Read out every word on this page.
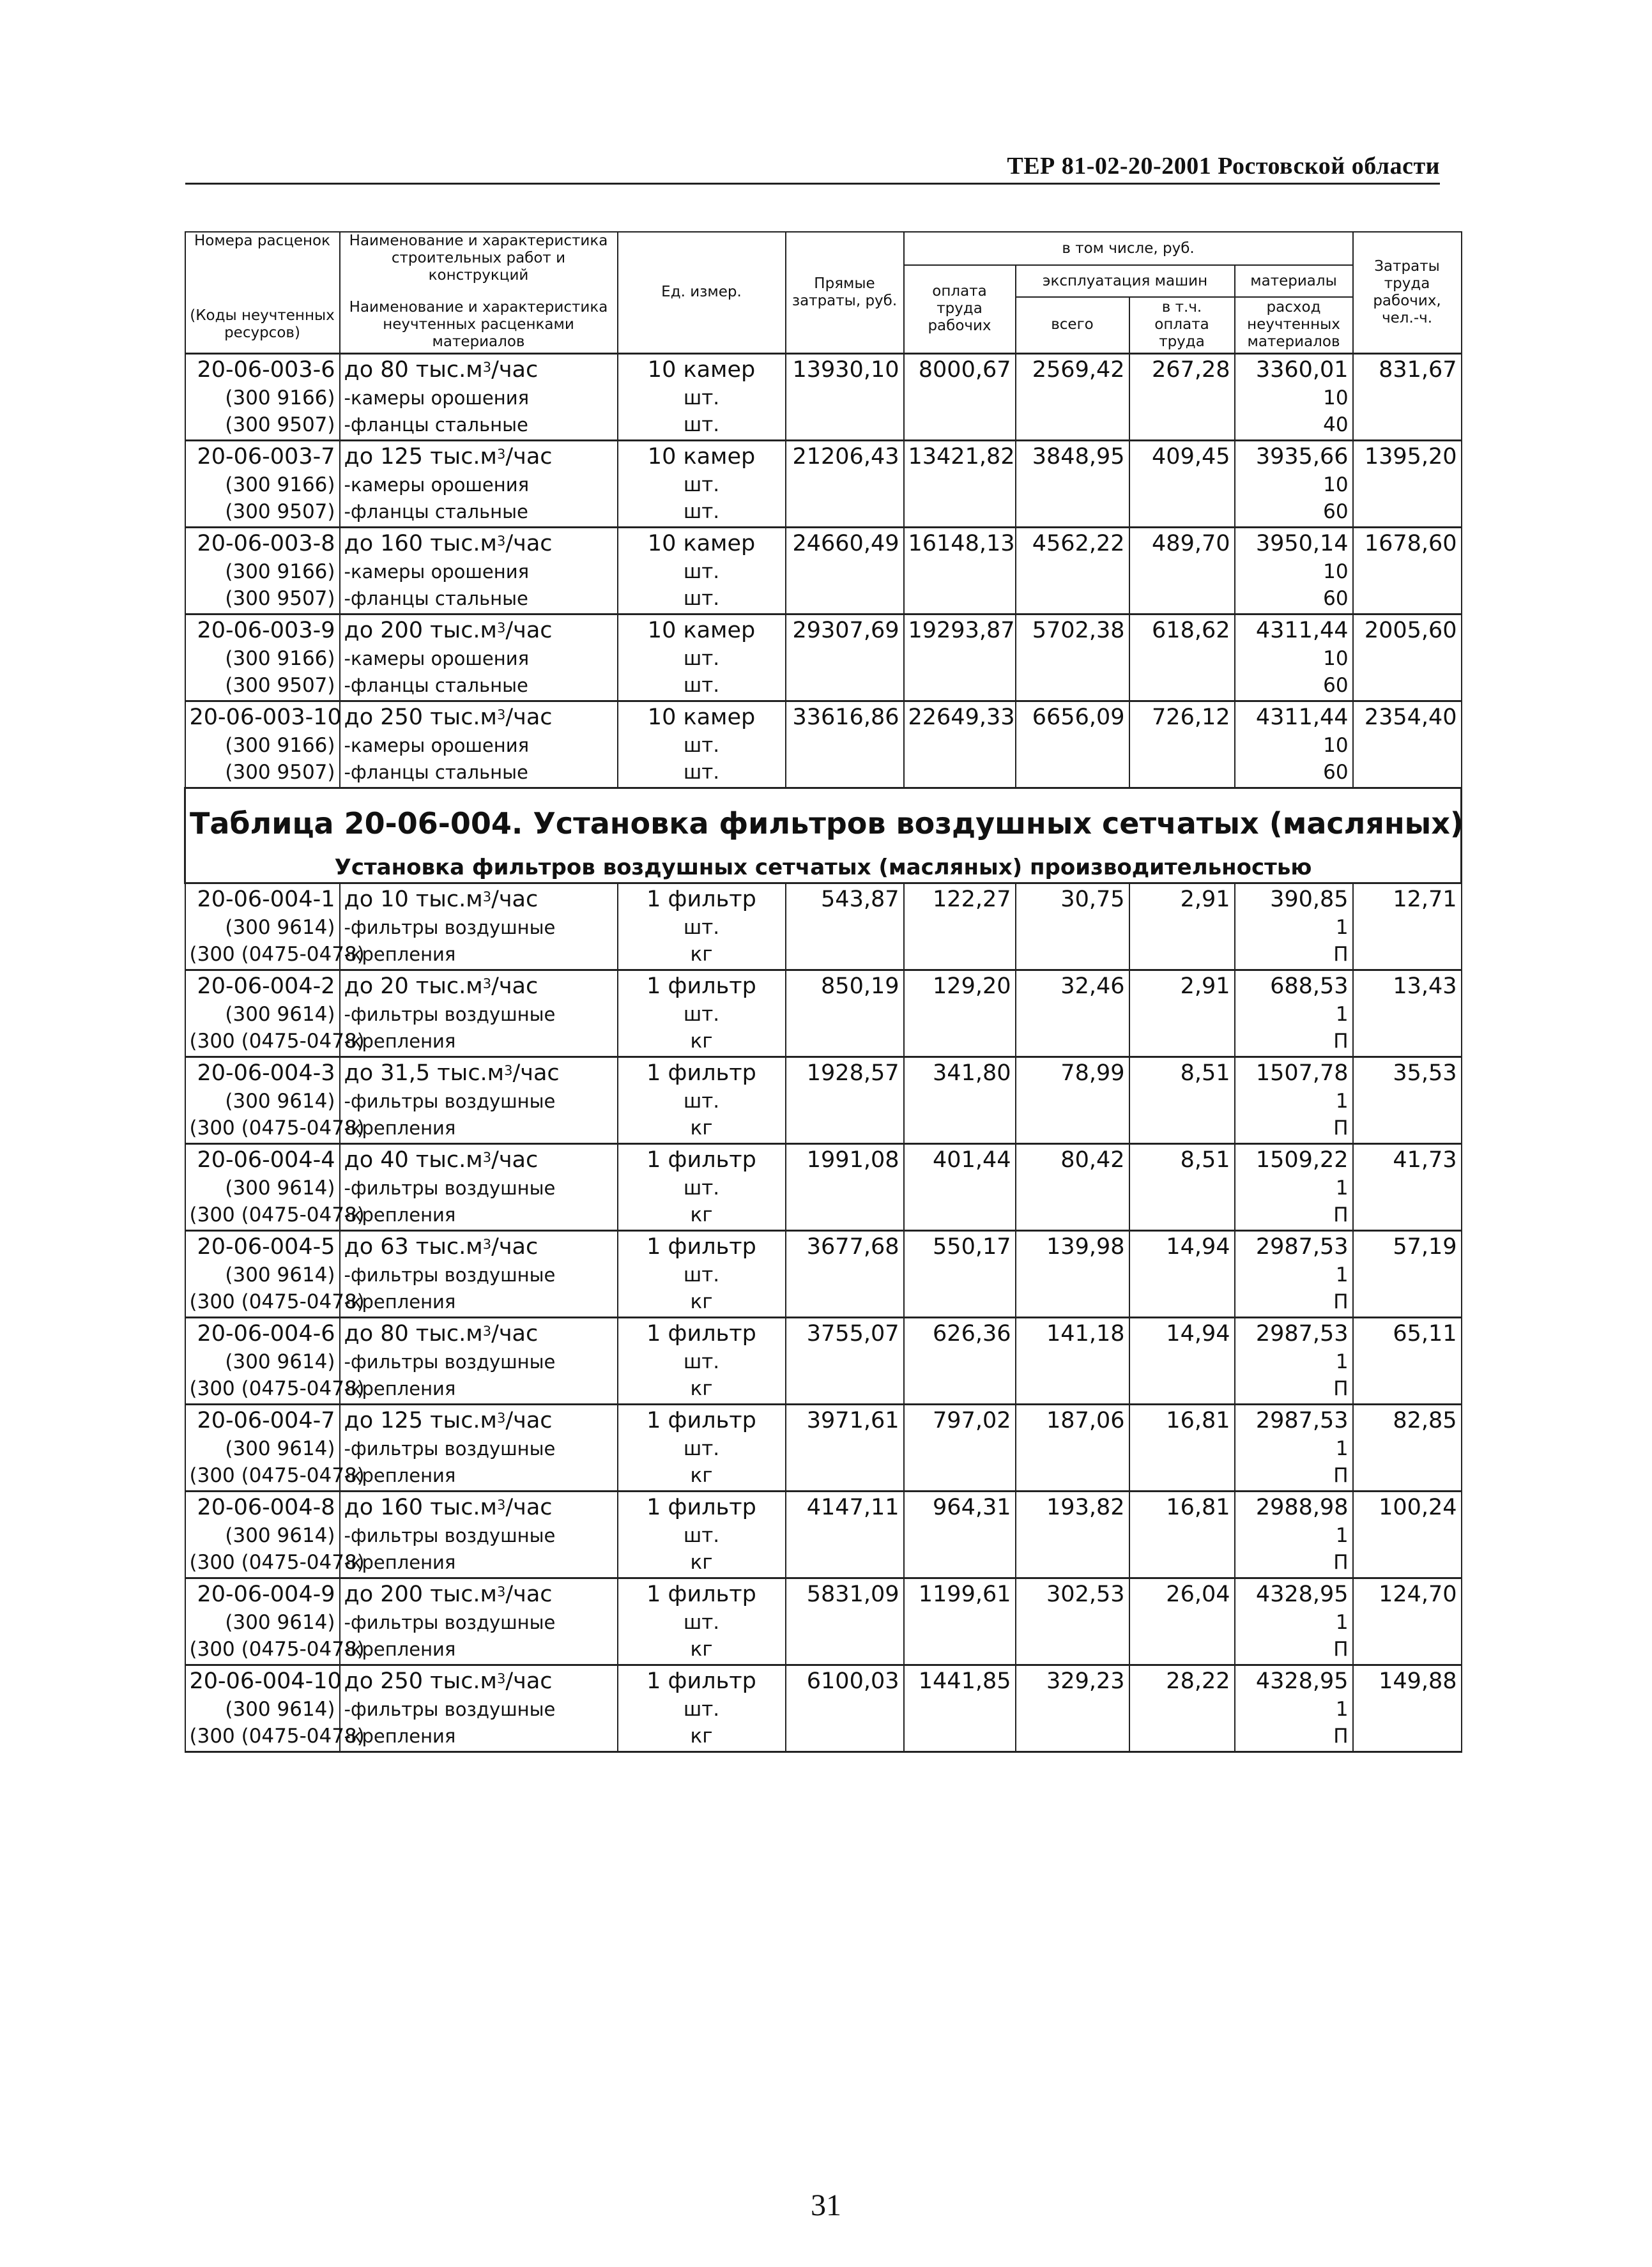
ТЕР 81-02-20-2001 Ростовской области
Номера расценок	Наименование и характеристика строительных работ и конструкций	Ед. измер.	Прямые затраты, руб.	в том числе, руб.				Затраты труда рабочих, чел.-ч.
				оплата труда рабочих	эксплуатация машин		материалы	
(Коды неучтенных ресурсов)	Наименование и характеристика неучтенных расценками материалов				всего	в т.ч. оплата труда	расход неучтенных материалов	

20-06-003-6	до 80 $тыс.м^3$/час	10 камер	13930,10	8000,67	2569,42	267,28	3360,01	831,67
(300 9166)	-камеры орошения	шт.					10	
(300 9507)	-фланцы стальные	шт.					40	
20-06-003-7	до 125 $тыс.м^3$/час	10 камер	21206,43	13421,82	3848,95	409,45	3935,66	1395,20
(300 9166)	-камеры орошения	шт.					10	
(300 9507)	-фланцы стальные	шт.					60	
20-06-003-8	до 160 $тыс.м^3$/час	10 камер	24660,49	16148,13	4562,22	489,70	3950,14	1678,60
(300 9166)	-камеры орошения	шт.					10	
(300 9507)	-фланцы стальные	шт.					60	
20-06-003-9	до 200 $тыс.м^3$/час	10 камер	29307,69	19293,87	5702,38	618,62	4311,44	2005,60
(300 9166)	-камеры орошения	шт.					10	
(300 9507)	-фланцы стальные	шт.					60	
20-06-003-10	до 250 $тыс.м^3$/час	10 камер	33616,86	22649,33	6656,09	726,12	4311,44	2354,40
(300 9166)	-камеры орошения	шт.					10	
(300 9507)	-фланцы стальные	шт.					60	
Таблица 20-06-004. Установка фильтров воздушных сетчатых (масляных)								
Установка фильтров воздушных сетчатых (масляных) производительностью								
20-06-004-1	до 10 $тыс.м^3$/час	1 фильтр	543,87	122,27	30,75	2,91	390,85	12,71
(300 9614)	-фильтры воздушные	шт.					1	
(300 (0475-0478)	-крепления	кг					П	
20-06-004-2	до 20 $тыс.м^3$/час	1 фильтр	850,19	129,20	32,46	2,91	688,53	13,43
(300 9614)	-фильтры воздушные	шт.					1	
(300 (0475-0478)	-крепления	кг					П	
20-06-004-3	до 31,5 $тыс.м^3$/час	1 фильтр	1928,57	341,80	78,99	8,51	1507,78	35,53
(300 9614)	-фильтры воздушные	шт.					1	
(300 (0475-0478)	-крепления	кг					П	
20-06-004-4	до 40 $тыс.м^3$/час	1 фильтр	1991,08	401,44	80,42	8,51	1509,22	41,73
(300 9614)	-фильтры воздушные	шт.					1	
(300 (0475-0478)	-крепления	кг					П	
20-06-004-5	до 63 $тыс.м^3$/час	1 фильтр	3677,68	550,17	139,98	14,94	2987,53	57,19
(300 9614)	-фильтры воздушные	шт.					1	
(300 (0475-0478)	-крепления	кг					П	
20-06-004-6	до 80 $тыс.м^3$/час	1 фильтр	3755,07	626,36	141,18	14,94	2987,53	65,11
(300 9614)	-фильтры воздушные	шт.					1	
(300 (0475-0478)	-крепления	кг					П	
20-06-004-7	до 125 $тыс.м^3$/час	1 фильтр	3971,61	797,02	187,06	16,81	2987,53	82,85
(300 9614)	-фильтры воздушные	шт.					1	
(300 (0475-0478)	-крепления	кг					П	
20-06-004-8	до 160 $тыс.м^3$/час	1 фильтр	4147,11	964,31	193,82	16,81	2988,98	100,24
(300 9614)	-фильтры воздушные	шт.					1	
(300 (0475-0478)	-крепления	кг					П	
20-06-004-9	до 200 $тыс.м^3$/час	1 фильтр	5831,09	1199,61	302,53	26,04	4328,95	124,70
(300 9614)	-фильтры воздушные	шт.					1	
(300 (0475-0478)	-крепления	кг					П	
20-06-004-10	до 250 $тыс.м^3$/час	1 фильтр	6100,03	1441,85	329,23	28,22	4328,95	149,88
(300 9614)	-фильтры воздушные	шт.					1	
(300 (0475-0478)	-крепления	кг					П	
31
